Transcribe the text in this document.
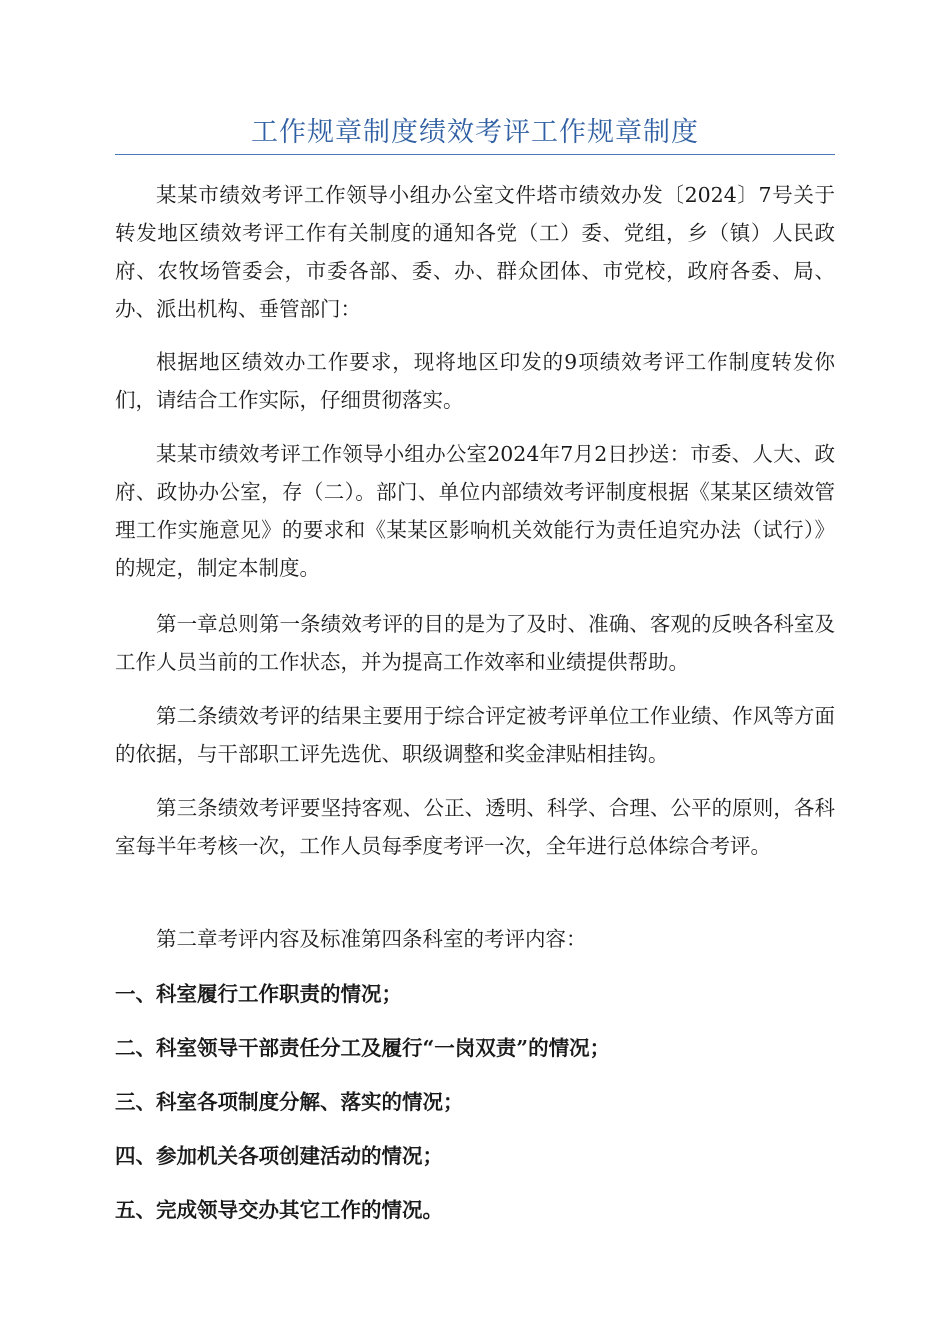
工作规章制度绩效考评工作规章制度

某某市绩效考评工作领导小组办公室文件塔市绩效办发〔2024〕7号关于转发地区绩效考评工作有关制度的通知各党（工）委、党组，乡（镇）人民政府、农牧场管委会，市委各部、委、办、群众团体、市党校，政府各委、局、办、派出机构、垂管部门：

根据地区绩效办工作要求，现将地区印发的9项绩效考评工作制度转发你们，请结合工作实际，仔细贯彻落实。

某某市绩效考评工作领导小组办公室2024年7月2日抄送：市委、人大、政府、政协办公室，存（二）。部门、单位内部绩效考评制度根据《某某区绩效管理工作实施意见》的要求和《某某区影响机关效能行为责任追究办法（试行）》的规定，制定本制度。

第一章总则第一条绩效考评的目的是为了及时、准确、客观的反映各科室及工作人员当前的工作状态，并为提高工作效率和业绩提供帮助。

第二条绩效考评的结果主要用于综合评定被考评单位工作业绩、作风等方面的依据，与干部职工评先选优、职级调整和奖金津贴相挂钩。

第三条绩效考评要坚持客观、公正、透明、科学、合理、公平的原则，各科室每半年考核一次，工作人员每季度考评一次，全年进行总体综合考评。

第二章考评内容及标准第四条科室的考评内容：

一、科室履行工作职责的情况；

二、科室领导干部责任分工及履行“一岗双责”的情况；

三、科室各项制度分解、落实的情况；

四、参加机关各项创建活动的情况；

五、完成领导交办其它工作的情况。
